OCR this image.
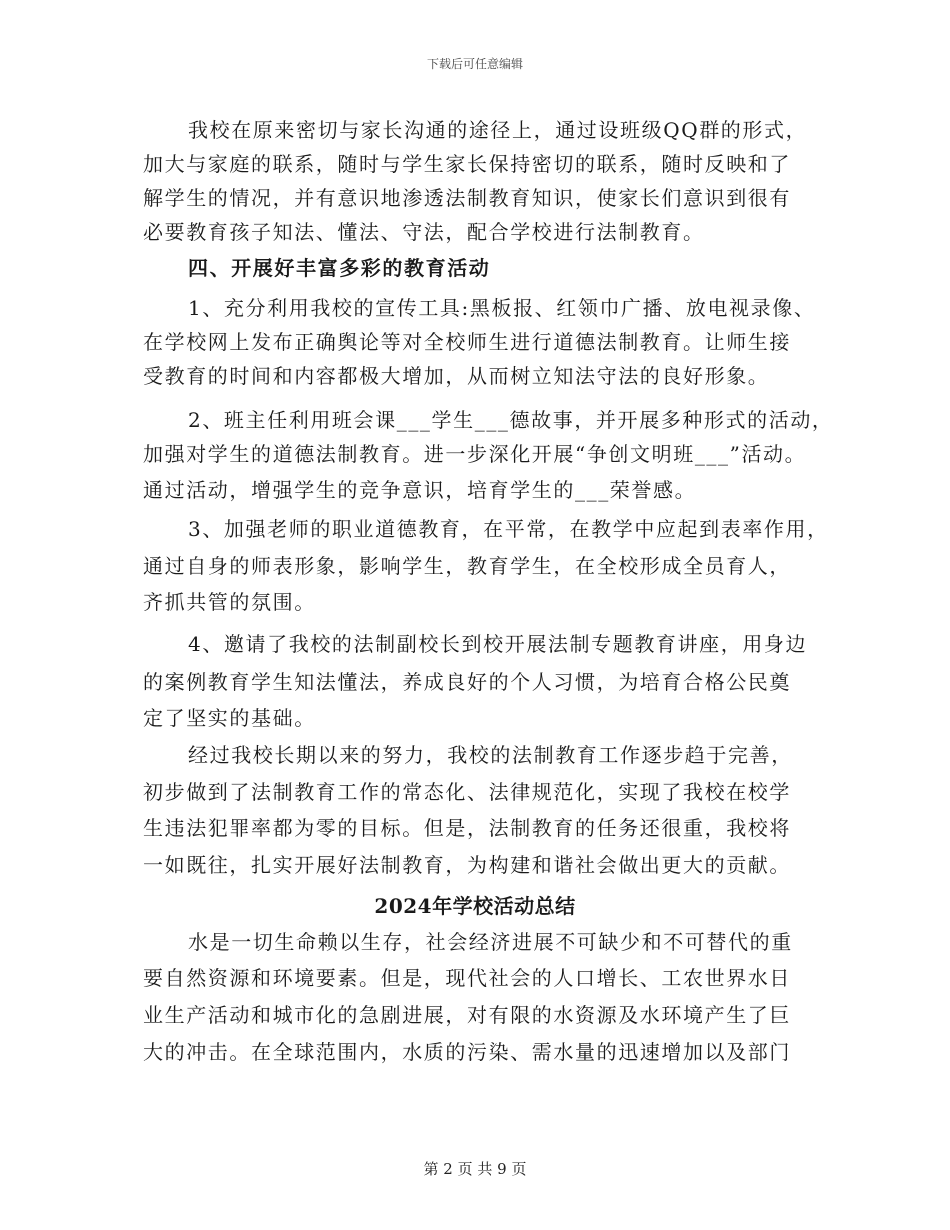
下载后可任意编辑
我校在原来密切与家长沟通的途径上，通过设班级QQ群的形式，
加大与家庭的联系，随时与学生家长保持密切的联系，随时反映和了
解学生的情况，并有意识地渗透法制教育知识，使家长们意识到很有
必要教育孩子知法、懂法、守法，配合学校进行法制教育。
四、开展好丰富多彩的教育活动
1、充分利用我校的宣传工具:黑板报、红领巾广播、放电视录像、
在学校网上发布正确舆论等对全校师生进行道德法制教育。让师生接
受教育的时间和内容都极大增加，从而树立知法守法的良好形象。
2、班主任利用班会课___学生___德故事，并开展多种形式的活动，
加强对学生的道德法制教育。进一步深化开展“争创文明班___”活动。
通过活动，增强学生的竞争意识，培育学生的___荣誉感。
3、加强老师的职业道德教育，在平常，在教学中应起到表率作用，
通过自身的师表形象，影响学生，教育学生，在全校形成全员育人，
齐抓共管的氛围。
4、邀请了我校的法制副校长到校开展法制专题教育讲座，用身边
的案例教育学生知法懂法，养成良好的个人习惯，为培育合格公民奠
定了坚实的基础。
经过我校长期以来的努力，我校的法制教育工作逐步趋于完善，
初步做到了法制教育工作的常态化、法律规范化，实现了我校在校学
生违法犯罪率都为零的目标。但是，法制教育的任务还很重，我校将
一如既往，扎实开展好法制教育，为构建和谐社会做出更大的贡献。
2024年学校活动总结
水是一切生命赖以生存，社会经济进展不可缺少和不可替代的重
要自然资源和环境要素。但是，现代社会的人口增长、工农世界水日
业生产活动和城市化的急剧进展，对有限的水资源及水环境产生了巨
大的冲击。在全球范围内，水质的污染、需水量的迅速增加以及部门
第 2 页 共 9 页
